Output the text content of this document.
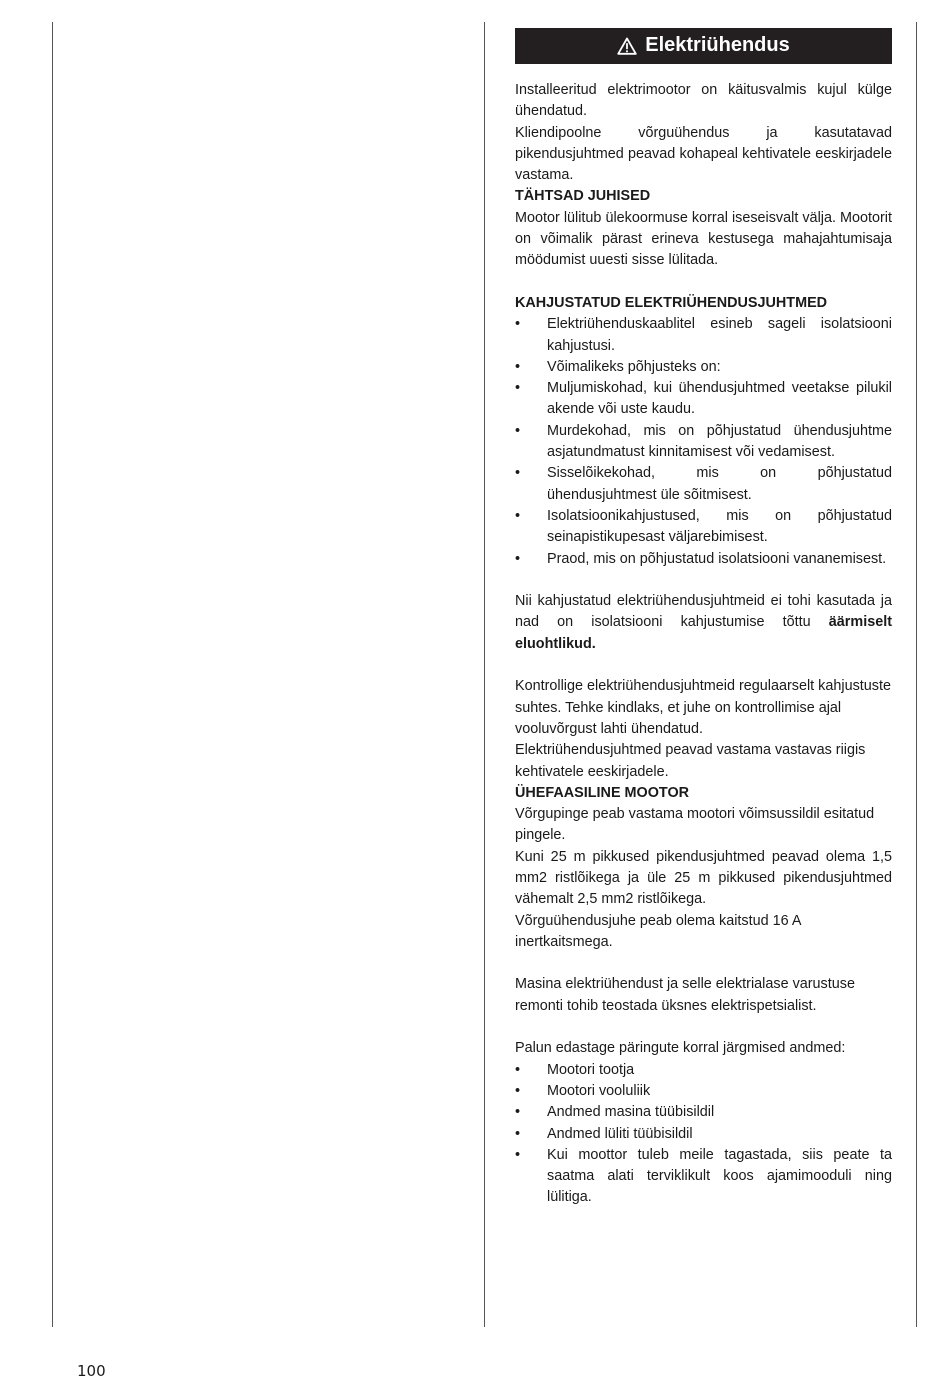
Elektriühendus

Installeeritud elektrimootor on käitusvalmis kujul külge ühendatud.

Kliendipoolne võrguühendus ja kasutatavad pikendusjuhtmed peavad kohapeal kehtivatele eeskirjadele vastama.

TÄHTSAD JUHISED

Mootor lülitub ülekoormuse korral iseseisvalt välja. Mootorit on võimalik pärast erineva kestusega mahajahtumisaja möödumist uuesti sisse lülitada.

KAHJUSTATUD ELEKTRIÜHENDUSJUHTMED
• Elektriühenduskaablitel esineb sageli isolatsiooni kahjustusi.
• Võimalikeks põhjusteks on:
• Muljumiskohad, kui ühendusjuhtmed veetakse pilukil akende või uste kaudu.
• Murdekohad, mis on põhjustatud ühendusjuhtme asjatundmatust kinnitamisest või vedamisest.
• Sisselõikekohad, mis on põhjustatud ühendusjuhtmest üle sõitmisest.
• Isolatsioonikahjustused, mis on põhjustatud seinapistikupesast väljarebimisest.
• Praod, mis on põhjustatud isolatsiooni vananemisest.

Nii kahjustatud elektriühendusjuhtmeid ei tohi kasutada ja nad on isolatsiooni kahjustumise tõttu äärmiselt eluohtlikud.

Kontrollige elektriühendusjuhtmeid regulaarselt kahjustuste suhtes. Tehke kindlaks, et juhe on kontrollimise ajal vooluvõrgust lahti ühendatud.

Elektriühendusjuhtmed peavad vastama vastavas riigis kehtivatele eeskirjadele.

ÜHEFAASILINE MOOTOR

Võrgupinge peab vastama mootori võimsussildil esitatud pingele.

Kuni 25 m pikkused pikendusjuhtmed peavad olema 1,5 mm2 ristlõikega ja üle 25 m pikkused pikendusjuhtmed vähemalt 2,5 mm2 ristlõikega.

Võrguühendusjuhe peab olema kaitstud 16 A inertkaitsmega.

Masina elektriühendust ja selle elektrialase varustuse remonti tohib teostada üksnes elektrispetsialist.

Palun edastage päringute korral järgmised andmed:

• Mootori tootja
• Mootori vooluliik
• Andmed masina tüübisildil
• Andmed lüliti tüübisildil
• Kui moottor tuleb meile tagastada, siis peate ta saatma alati terviklikult koos ajamimooduli ning lülitiga.
100
